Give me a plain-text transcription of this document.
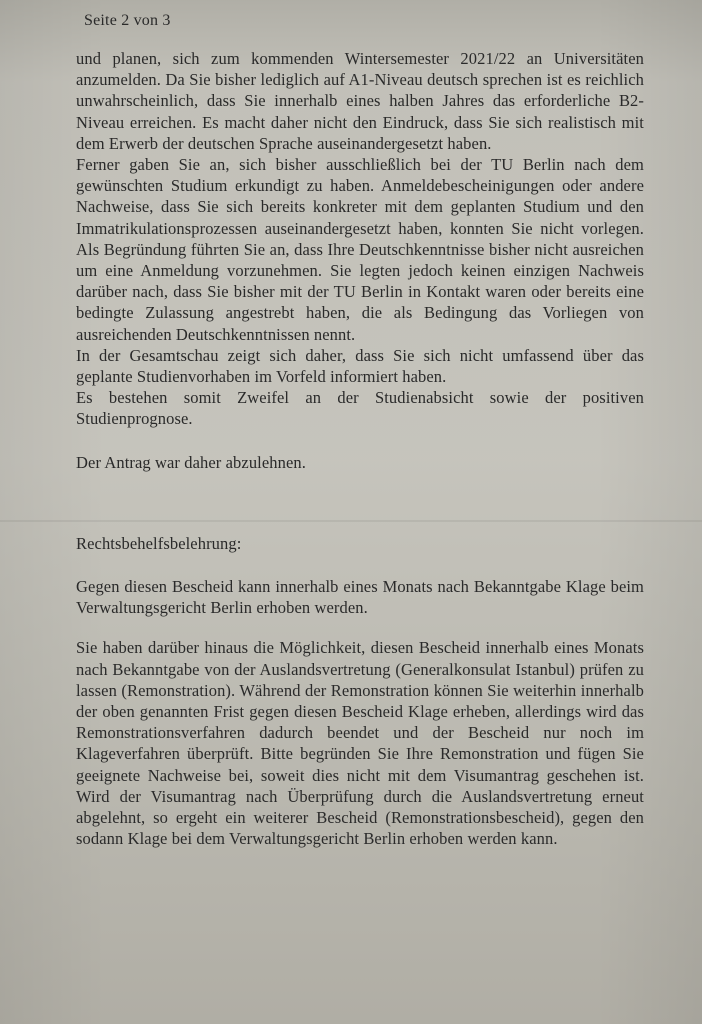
Seite 2 von 3

und planen, sich zum kommenden Wintersemester 2021/22 an Universitäten anzumelden. Da Sie bisher lediglich auf A1-Niveau deutsch sprechen ist es reichlich unwahrscheinlich, dass Sie innerhalb eines halben Jahres das erforderliche B2-Niveau erreichen. Es macht daher nicht den Eindruck, dass Sie sich realistisch mit dem Erwerb der deutschen Sprache auseinandergesetzt haben.

Ferner gaben Sie an, sich bisher ausschließlich bei der TU Berlin nach dem gewünschten Studium erkundigt zu haben. Anmeldebescheinigungen oder andere Nachweise, dass Sie sich bereits konkreter mit dem geplanten Studium und den Immatrikulationsprozessen auseinandergesetzt haben, konnten Sie nicht vorlegen. Als Begründung führten Sie an, dass Ihre Deutschkenntnisse bisher nicht ausreichen um eine Anmeldung vorzunehmen. Sie legten jedoch keinen einzigen Nachweis darüber nach, dass Sie bisher mit der TU Berlin in Kontakt waren oder bereits eine bedingte Zulassung angestrebt haben, die als Bedingung das Vorliegen von ausreichenden Deutschkenntnissen nennt.

In der Gesamtschau zeigt sich daher, dass Sie sich nicht umfassend über das geplante Studienvorhaben im Vorfeld informiert haben.

Es bestehen somit Zweifel an der Studienabsicht sowie der positiven Studienprognose.

Der Antrag war daher abzulehnen.

Rechtsbehelfsbelehrung:

Gegen diesen Bescheid kann innerhalb eines Monats nach Bekanntgabe Klage beim Verwaltungsgericht Berlin erhoben werden.

Sie haben darüber hinaus die Möglichkeit, diesen Bescheid innerhalb eines Monats nach Bekanntgabe von der Auslandsvertretung (Generalkonsulat Istanbul) prüfen zu lassen (Remonstration). Während der Remonstration können Sie weiterhin innerhalb der oben genannten Frist gegen diesen Bescheid Klage erheben, allerdings wird das Remonstrationsverfahren dadurch beendet und der Bescheid nur noch im Klageverfahren überprüft. Bitte begründen Sie Ihre Remonstration und fügen Sie geeignete Nachweise bei, soweit dies nicht mit dem Visumantrag geschehen ist. Wird der Visumantrag nach Überprüfung durch die Auslandsvertretung erneut abgelehnt, so ergeht ein weiterer Bescheid (Remonstrationsbescheid), gegen den sodann Klage bei dem Verwaltungsgericht Berlin erhoben werden kann.
